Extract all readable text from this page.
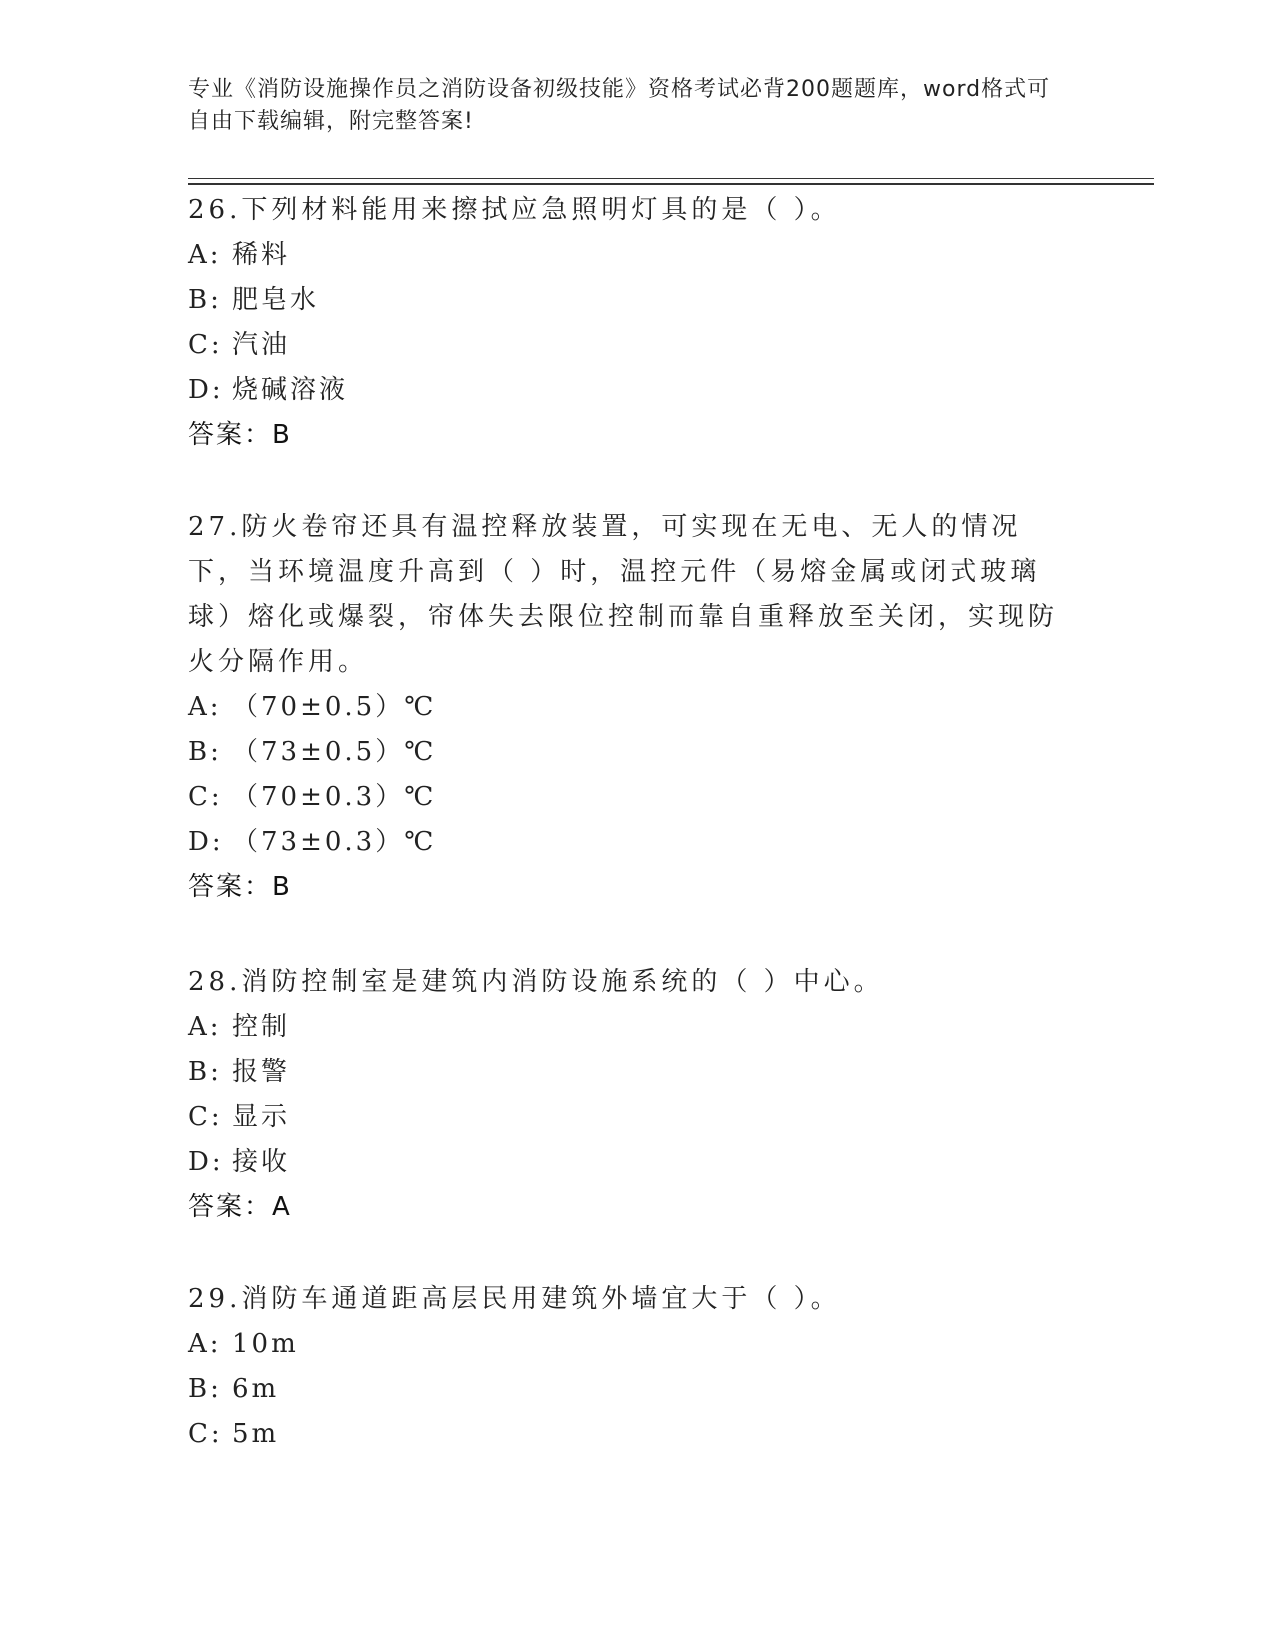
专业《消防设施操作员之消防设备初级技能》资格考试必背200题题库，word格式可自由下载编辑，附完整答案!

26.下列材料能用来擦拭应急照明灯具的是（ ）。

A: 稀料

B: 肥皂水

C: 汽油

D: 烧碱溶液

答案：B

27.防火卷帘还具有温控释放装置，可实现在无电、无人的情况下，当环境温度升高到（ ）时，温控元件（易熔金属或闭式玻璃球）熔化或爆裂，帘体失去限位控制而靠自重释放至关闭，实现防火分隔作用。

A: （70±0.5）℃

B: （73±0.5）℃

C: （70±0.3）℃

D: （73±0.3）℃

答案：B

28.消防控制室是建筑内消防设施系统的（ ）中心。

A: 控制

B: 报警

C: 显示

D: 接收

答案：A

29.消防车通道距高层民用建筑外墙宜大于（ ）。

A: 10m

B: 6m

C: 5m
